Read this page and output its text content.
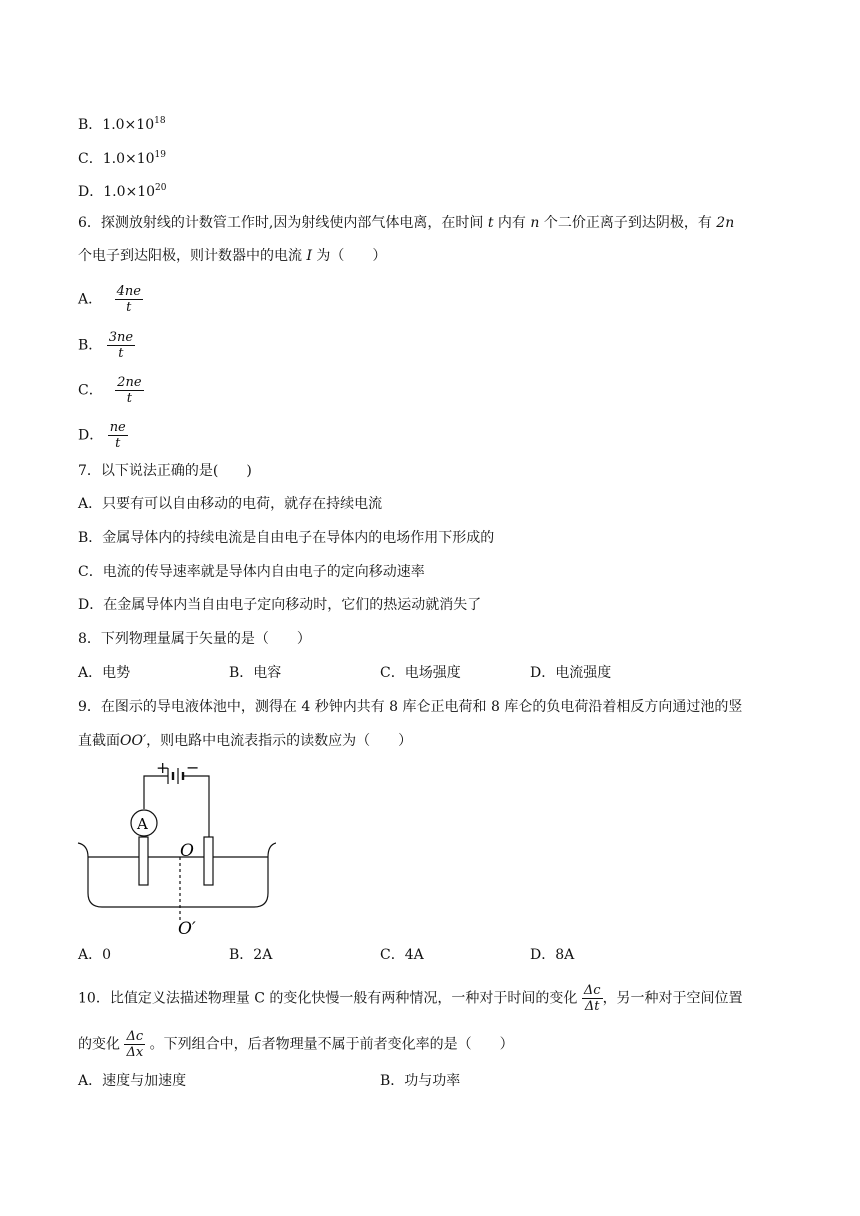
B．$1.0\times 10^{18}$
C．$1.0\times 10^{19}$
D．$1.0\times 10^{20}$
6．探测放射线的计数管工作时,因为射线使内部气体电离，在时间 t 内有 n 个二价正离子到达阴极，有 2n
个电子到达阳极，则计数器中的电流 I 为（　　）
A． $\frac{4ne}{t}$
B． $\frac{3ne}{t}$
C． $\frac{2ne}{t}$
D． $\frac{ne}{t}$
7．以下说法正确的是(　　)
A．只要有可以自由移动的电荷，就存在持续电流
B．金属导体内的持续电流是自由电子在导体内的电场作用下形成的
C．电流的传导速率就是导体内自由电子的定向移动速率
D．在金属导体内当自由电子定向移动时，它们的热运动就消失了
8．下列物理量属于矢量的是（　　）
A．电势	B．电容	C．电场强度	D．电流强度
9．在图示的导电液体池中，测得在 4 秒钟内共有 8 库仑正电荷和 8 库仑的负电荷沿着相反方向通过池的竖
直截面OO′，则电路中电流表指示的读数应为（　　）
+ −
A
O
O′
A．0	B．2A	C．4A	D．8A
10．比值定义法描述物理量 C 的变化快慢一般有两种情况，一种对于时间的变化 $\frac{\Delta c}{\Delta t}$ ，另一种对于空间位置
的变化 $\frac{\Delta c}{\Delta x}$ 。下列组合中，后者物理量不属于前者变化率的是（　　）
A．速度与加速度	B．功与功率
